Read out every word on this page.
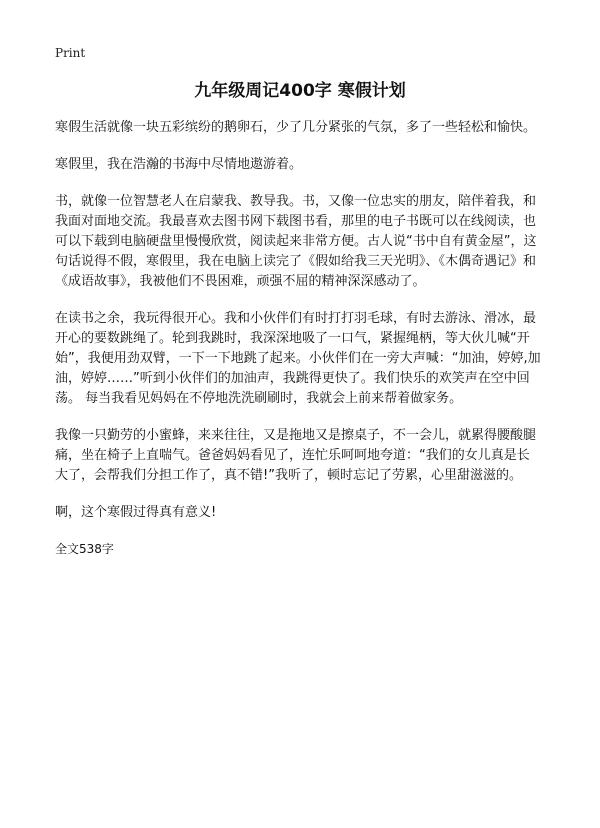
Print
九年级周记400字 寒假计划

寒假生活就像一块五彩缤纷的鹅卵石，少了几分紧张的气氛，多了一些轻松和愉快。

寒假里，我在浩瀚的书海中尽情地遨游着。

书，就像一位智慧老人在启蒙我、教导我。书，又像一位忠实的朋友，陪伴着我，和我面对面地交流。我最喜欢去图书网下载图书看，那里的电子书既可以在线阅读，也可以下载到电脑硬盘里慢慢欣赏，阅读起来非常方便。古人说“书中自有黄金屋”，这句话说得不假，寒假里，我在电脑上读完了《假如给我三天光明》、《木偶奇遇记》和《成语故事》，我被他们不畏困难，顽强不屈的精神深深感动了。

在读书之余，我玩得很开心。我和小伙伴们有时打打羽毛球，有时去游泳、滑冰，最开心的要数跳绳了。轮到我跳时，我深深地吸了一口气，紧握绳柄，等大伙儿喊“开始”，我便用劲双臂，一下一下地跳了起来。小伙伴们在一旁大声喊：“加油，婷婷,加油，婷婷……”听到小伙伴们的加油声，我跳得更快了。我们快乐的欢笑声在空中回荡。 每当我看见妈妈在不停地洗洗刷刷时，我就会上前来帮着做家务。

我像一只勤劳的小蜜蜂，来来往往，又是拖地又是擦桌子，不一会儿，就累得腰酸腿痛，坐在椅子上直喘气。爸爸妈妈看见了，连忙乐呵呵地夸道：“我们的女儿真是长大了，会帮我们分担工作了，真不错!”我听了，顿时忘记了劳累，心里甜滋滋的。

啊，这个寒假过得真有意义!

全文538字
